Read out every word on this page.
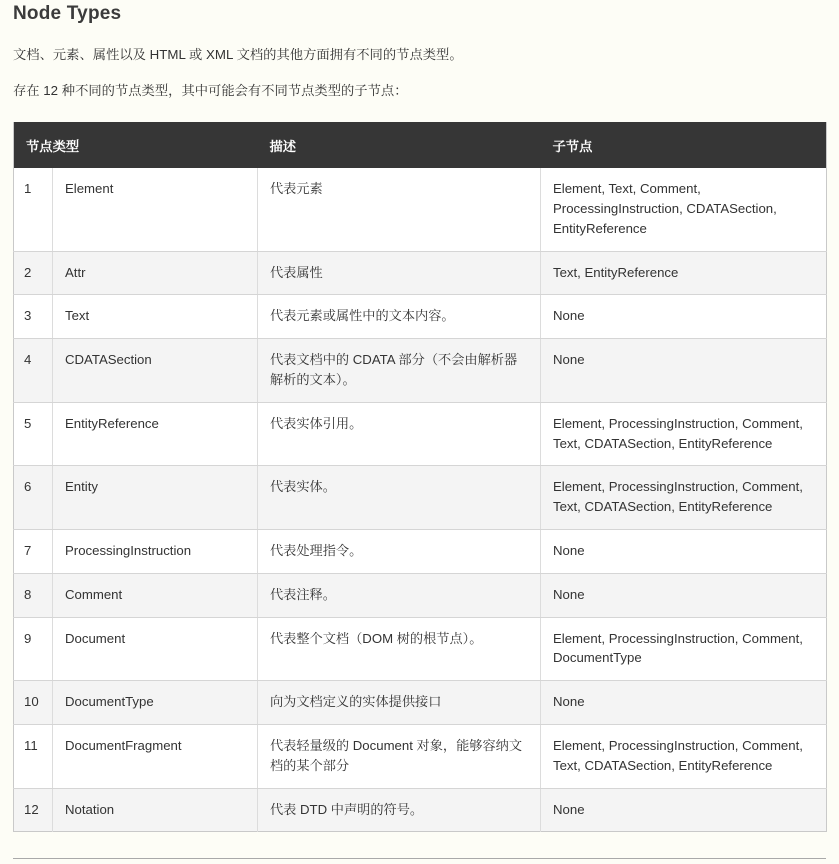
Node Types

文档、元素、属性以及 HTML 或 XML 文档的其他方面拥有不同的节点类型。

存在 12 种不同的节点类型，其中可能会有不同节点类型的子节点：

节点类型		描述	子节点
1	Element	代表元素	Element, Text, Comment, ProcessingInstruction, CDATASection, EntityReference
2	Attr	代表属性	Text, EntityReference
3	Text	代表元素或属性中的文本内容。	None
4	CDATASection	代表文档中的 CDATA 部分（不会由解析器解析的文本）。	None
5	EntityReference	代表实体引用。	Element, ProcessingInstruction, Comment, Text, CDATASection, EntityReference
6	Entity	代表实体。	Element, ProcessingInstruction, Comment, Text, CDATASection, EntityReference
7	ProcessingInstruction	代表处理指令。	None
8	Comment	代表注释。	None
9	Document	代表整个文档（DOM 树的根节点）。	Element, ProcessingInstruction, Comment, DocumentType
10	DocumentType	向为文档定义的实体提供接口	None
11	DocumentFragment	代表轻量级的 Document 对象，能够容纳文档的某个部分	Element, ProcessingInstruction, Comment, Text, CDATASection, EntityReference
12	Notation	代表 DTD 中声明的符号。	None
